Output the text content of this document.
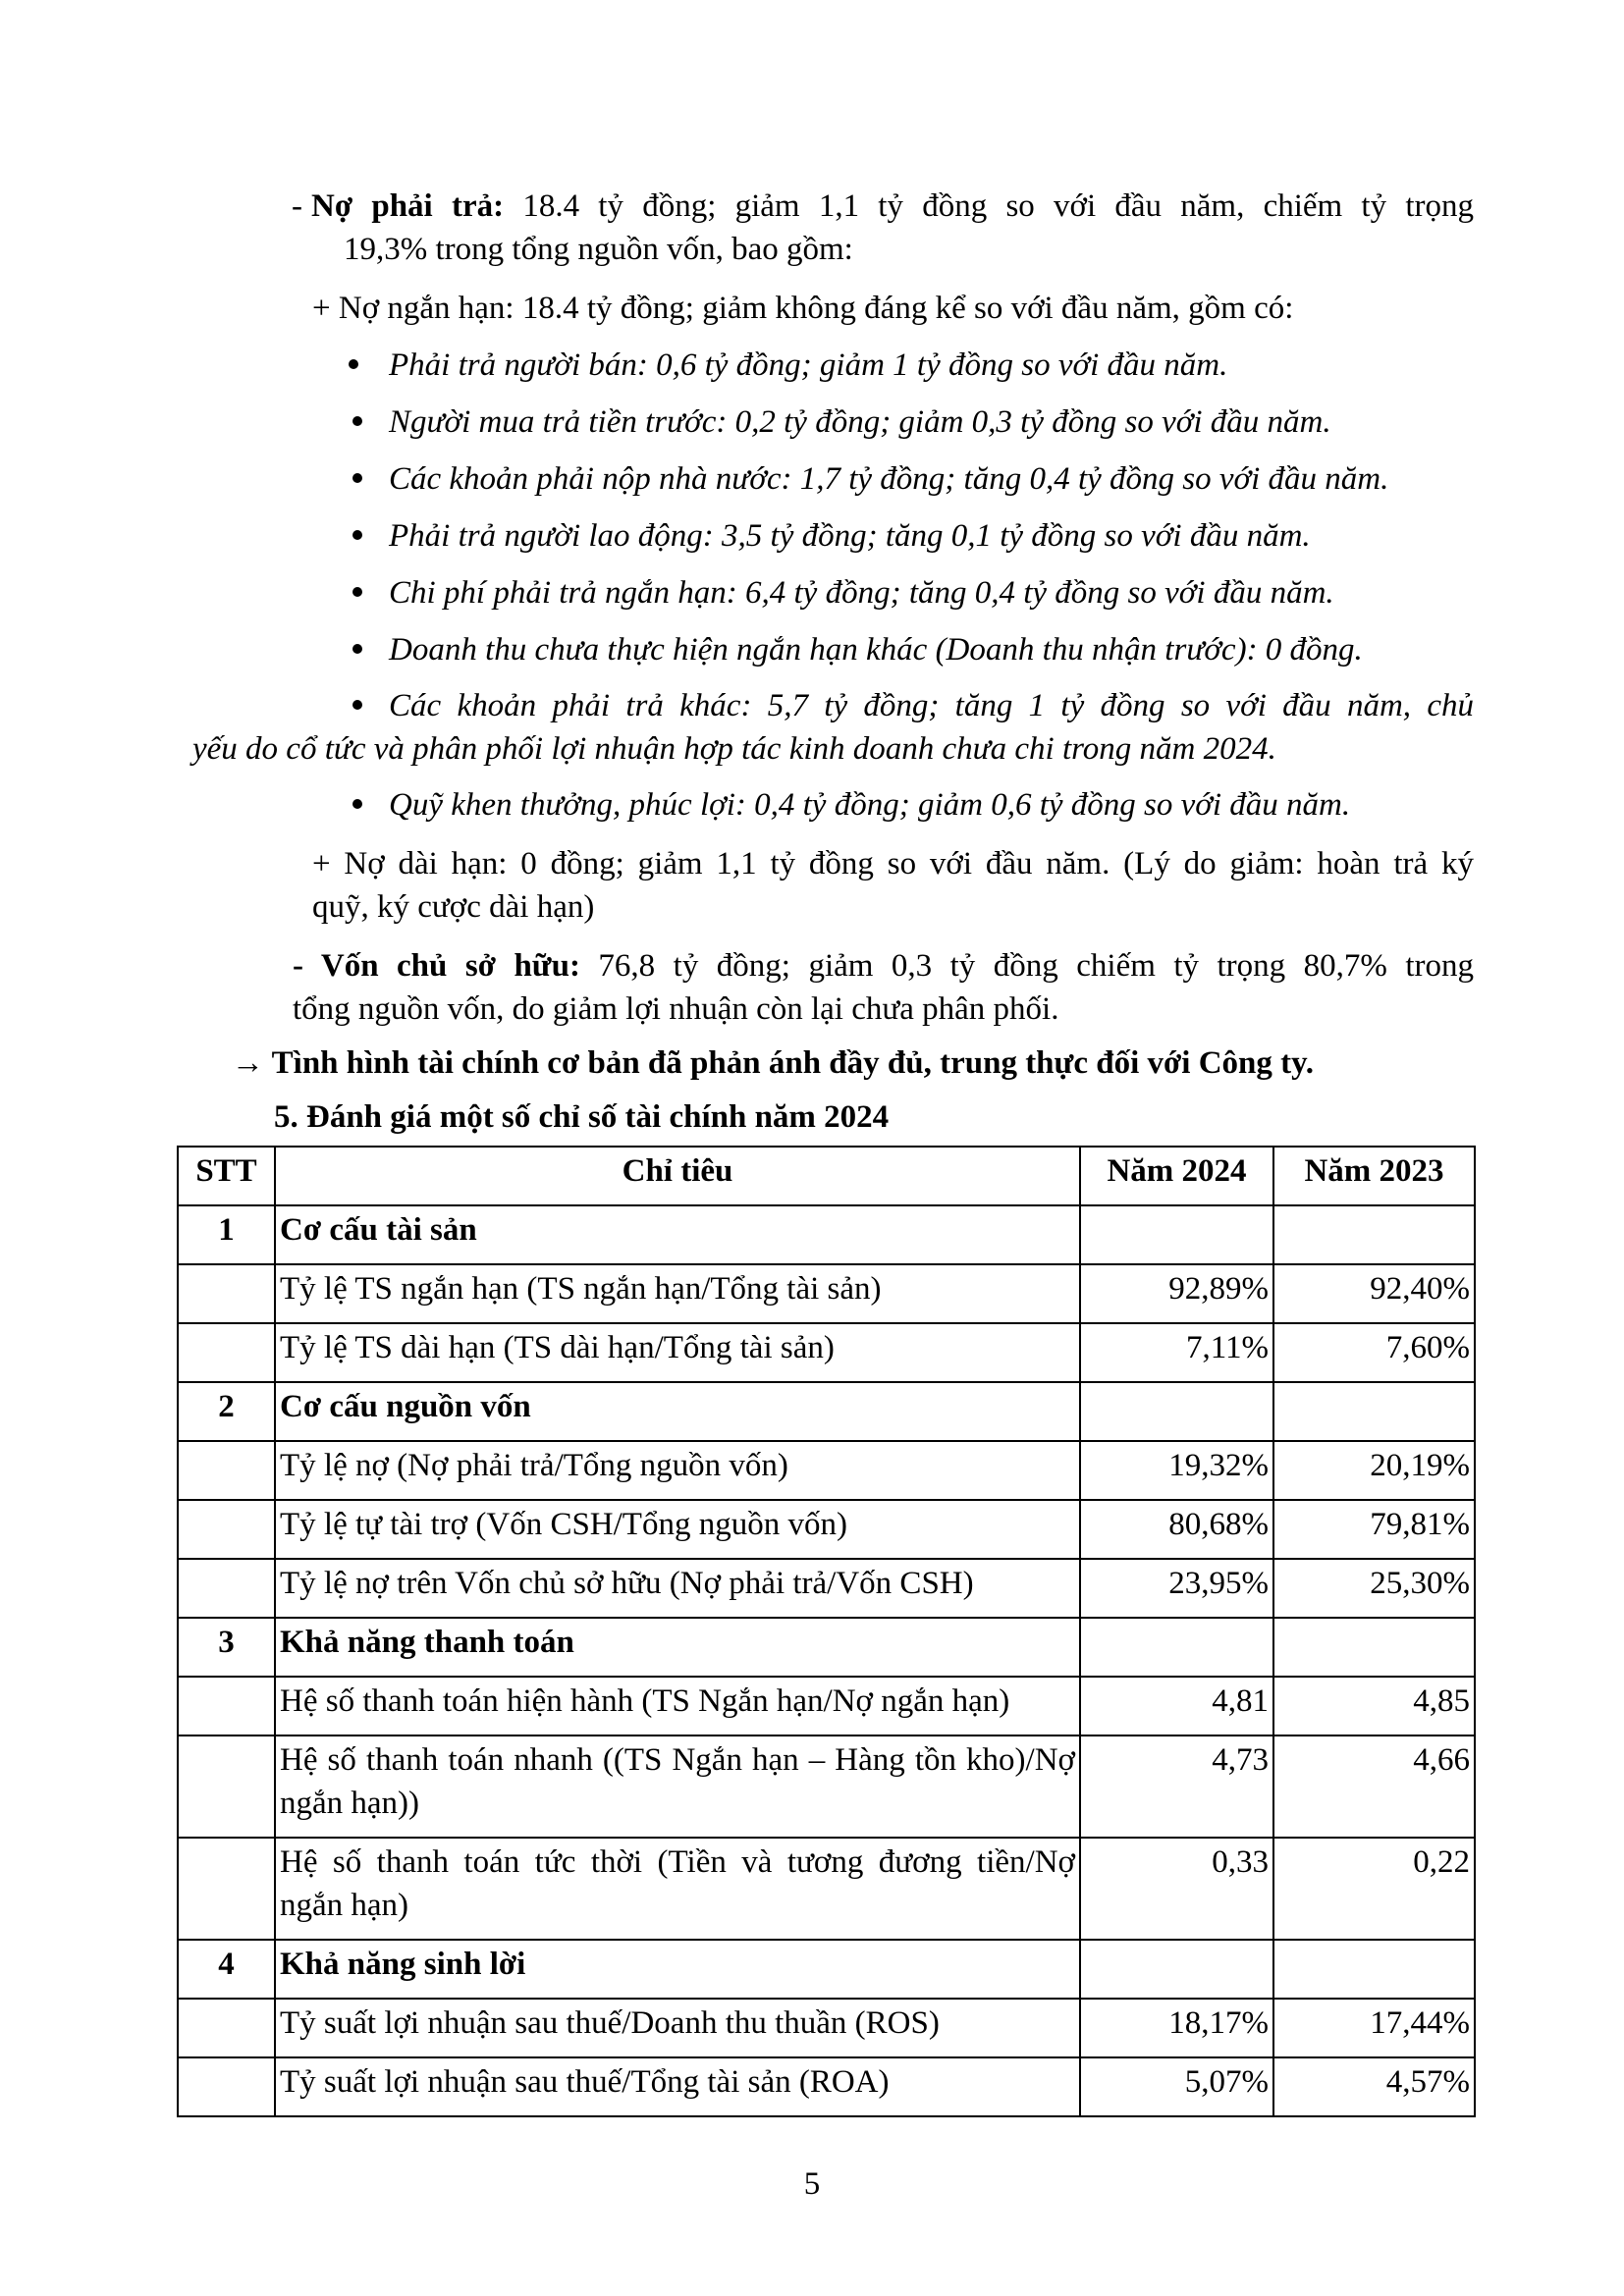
- Nợ phải trả: 18.4 tỷ đồng; giảm 1,1 tỷ đồng so với đầu năm, chiếm tỷ trọng
19,3% trong tổng nguồn vốn, bao gồm:
+ Nợ ngắn hạn: 18.4 tỷ đồng; giảm không đáng kể so với đầu năm, gồm có:
Phải trả người bán: 0,6 tỷ đồng; giảm 1 tỷ đồng so với đầu năm.
Người mua trả tiền trước: 0,2 tỷ đồng; giảm 0,3 tỷ đồng so với đầu năm.
Các khoản phải nộp nhà nước: 1,7 tỷ đồng; tăng 0,4 tỷ đồng so với đầu năm.
Phải trả người lao động: 3,5 tỷ đồng; tăng 0,1 tỷ đồng so với đầu năm.
Chi phí phải trả ngắn hạn: 6,4 tỷ đồng; tăng 0,4 tỷ đồng so với đầu năm.
Doanh thu chưa thực hiện ngắn hạn khác (Doanh thu nhận trước): 0 đồng.
Các khoản phải trả khác: 5,7 tỷ đồng; tăng 1 tỷ đồng so với đầu năm, chủ
yếu do cổ tức và phân phối lợi nhuận hợp tác kinh doanh chưa chi trong năm 2024.
Quỹ khen thưởng, phúc lợi: 0,4 tỷ đồng; giảm 0,6 tỷ đồng so với đầu năm.
+ Nợ dài hạn: 0 đồng; giảm 1,1 tỷ đồng so với đầu năm. (Lý do giảm: hoàn trả ký
quỹ, ký cược dài hạn)
- Vốn chủ sở hữu: 76,8 tỷ đồng; giảm 0,3 tỷ đồng chiếm tỷ trọng 80,7% trong
tổng nguồn vốn, do giảm lợi nhuận còn lại chưa phân phối.
→ Tình hình tài chính cơ bản đã phản ánh đầy đủ, trung thực đối với Công ty.
5. Đánh giá một số chỉ số tài chính năm 2024
STT	Chỉ tiêu	Năm 2024	Năm 2023
1	Cơ cấu tài sản		
	Tỷ lệ TS ngắn hạn (TS ngắn hạn/Tổng tài sản)	92,89%	92,40%
	Tỷ lệ TS dài hạn (TS dài hạn/Tổng tài sản)	7,11%	7,60%
2	Cơ cấu nguồn vốn		
	Tỷ lệ nợ (Nợ phải trả/Tổng nguồn vốn)	19,32%	20,19%
	Tỷ lệ tự tài trợ (Vốn CSH/Tổng nguồn vốn)	80,68%	79,81%
	Tỷ lệ nợ trên Vốn chủ sở hữu (Nợ phải trả/Vốn CSH)	23,95%	25,30%
3	Khả năng thanh toán		
	Hệ số thanh toán hiện hành (TS Ngắn hạn/Nợ ngắn hạn)	4,81	4,85
	Hệ số thanh toán nhanh ((TS Ngắn hạn – Hàng tồn kho)/Nợ ngắn hạn))	4,73	4,66
	Hệ số thanh toán tức thời (Tiền và tương đương tiền/Nợ ngắn hạn)	0,33	0,22
4	Khả năng sinh lời		
	Tỷ suất lợi nhuận sau thuế/Doanh thu thuần (ROS)	18,17%	17,44%
	Tỷ suất lợi nhuận sau thuế/Tổng tài sản (ROA)	5,07%	4,57%
5
